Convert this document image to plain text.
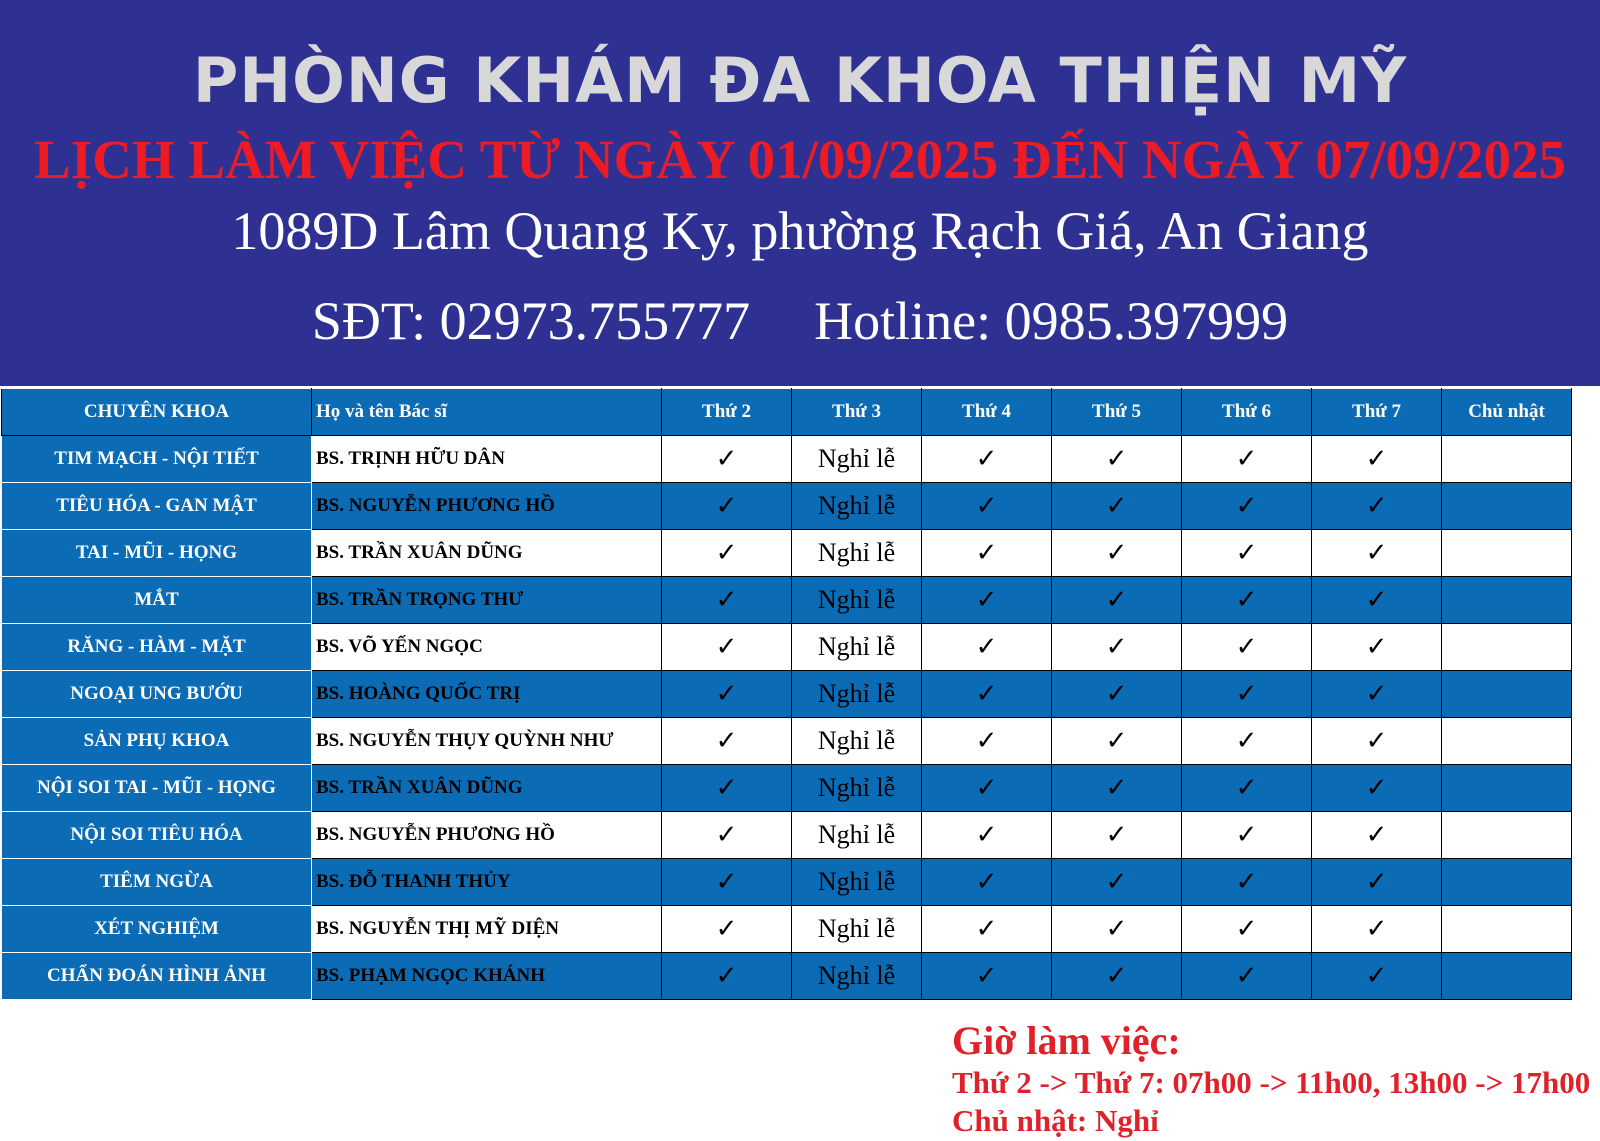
PHÒNG KHÁM ĐA KHOA THIỆN MỸ
LỊCH LÀM VIỆC TỪ NGÀY 01/09/2025 ĐẾN NGÀY 07/09/2025
1089D Lâm Quang Ky, phường Rạch Giá, An Giang
SĐT: 02973.755777 Hotline: 0985.397999
CHUYÊN KHOA	Họ và tên Bác sĩ	Thứ 2	Thứ 3	Thứ 4	Thứ 5	Thứ 6	Thứ 7	Chủ nhật
TIM MẠCH - NỘI TIẾT	BS. TRỊNH HỮU DÂN	✓	Nghỉ lễ	✓	✓	✓	✓	
TIÊU HÓA - GAN MẬT	BS. NGUYỄN PHƯƠNG HỒ	✓	Nghỉ lễ	✓	✓	✓	✓	
TAI - MŨI - HỌNG	BS. TRẦN XUÂN DŨNG	✓	Nghỉ lễ	✓	✓	✓	✓	
MẮT	BS. TRẦN TRỌNG THƯ	✓	Nghỉ lễ	✓	✓	✓	✓	
RĂNG - HÀM - MẶT	BS. VÕ YẾN NGỌC	✓	Nghỉ lễ	✓	✓	✓	✓	
NGOẠI UNG BƯỚU	BS. HOÀNG QUỐC TRỊ	✓	Nghỉ lễ	✓	✓	✓	✓	
SẢN PHỤ KHOA	BS. NGUYỄN THỤY QUỲNH NHƯ	✓	Nghỉ lễ	✓	✓	✓	✓	
NỘI SOI TAI - MŨI - HỌNG	BS. TRẦN XUÂN DŨNG	✓	Nghỉ lễ	✓	✓	✓	✓	
NỘI SOI TIÊU HÓA	BS. NGUYỄN PHƯƠNG HỒ	✓	Nghỉ lễ	✓	✓	✓	✓	
TIÊM NGỪA	BS. ĐỖ THANH THỦY	✓	Nghỉ lễ	✓	✓	✓	✓	
XÉT NGHIỆM	BS. NGUYỄN THỊ MỸ DIỆN	✓	Nghỉ lễ	✓	✓	✓	✓	
CHẨN ĐOÁN HÌNH ẢNH	BS. PHẠM NGỌC KHÁNH	✓	Nghỉ lễ	✓	✓	✓	✓	
Giờ làm việc:
Thứ 2 -> Thứ 7: 07h00 -> 11h00, 13h00 -> 17h00
Chủ nhật: Nghỉ
